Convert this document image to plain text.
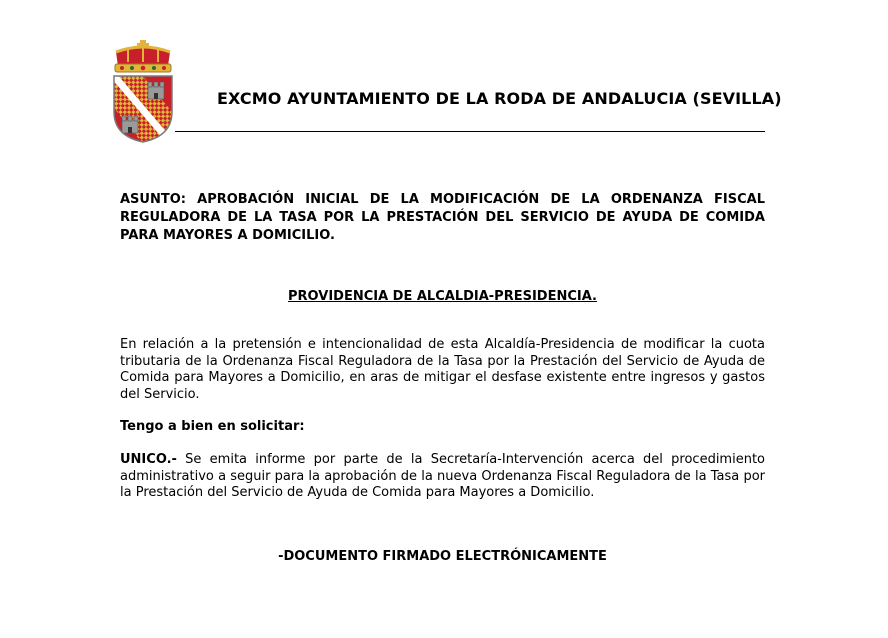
EXCMO AYUNTAMIENTO DE LA RODA DE ANDALUCIA (SEVILLA)
ASUNTO: APROBACIÓN INICIAL DE LA MODIFICACIÓN DE LA ORDENANZA FISCAL REGULADORA DE LA TASA POR LA PRESTACIÓN DEL SERVICIO DE AYUDA DE COMIDA PARA MAYORES A DOMICILIO.
PROVIDENCIA DE ALCALDIA-PRESIDENCIA.
En relación a la pretensión e intencionalidad de esta Alcaldía-Presidencia de modificar la cuota tributaria de la Ordenanza Fiscal Reguladora de la Tasa por la Prestación del Servicio de Ayuda de Comida para Mayores a Domicilio, en aras de mitigar el desfase existente entre ingresos y gastos del Servicio.
Tengo a bien en solicitar:
UNICO.- Se emita informe por parte de la Secretaría-Intervención acerca del procedimiento administrativo a seguir para la aprobación de la nueva Ordenanza Fiscal Reguladora de la Tasa por la Prestación del Servicio de Ayuda de Comida para Mayores a Domicilio.
-DOCUMENTO FIRMADO ELECTRÓNICAMENTE
